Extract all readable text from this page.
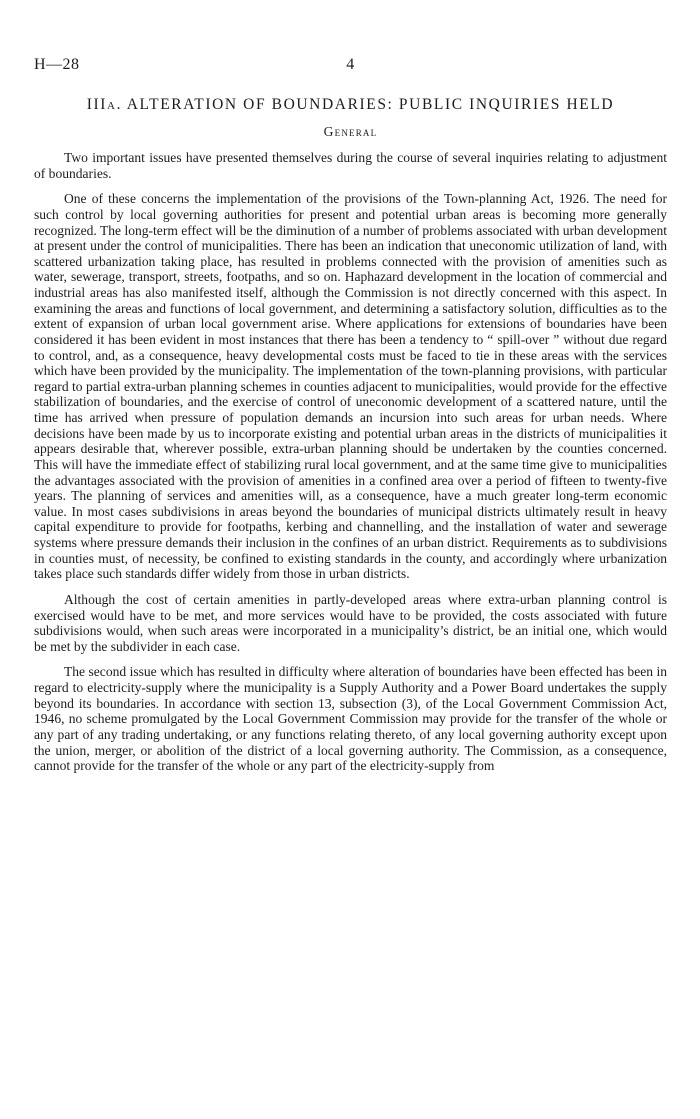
H—28	4
IIIa. ALTERATION OF BOUNDARIES: PUBLIC INQUIRIES HELD
General

Two important issues have presented themselves during the course of several inquiries relating to adjustment of boundaries.

One of these concerns the implementation of the provisions of the Town-planning Act, 1926. The need for such control by local governing authorities for present and potential urban areas is becoming more generally recognized. The long-term effect will be the diminution of a number of problems associated with urban development at present under the control of municipalities. There has been an indication that uneconomic utilization of land, with scattered urbanization taking place, has resulted in problems connected with the provision of amenities such as water, sewerage, transport, streets, footpaths, and so on. Haphazard development in the location of commercial and industrial areas has also manifested itself, although the Commission is not directly concerned with this aspect. In examining the areas and functions of local government, and determining a satisfactory solution, difficulties as to the extent of expansion of urban local government arise. Where applications for extensions of boundaries have been considered it has been evident in most instances that there has been a tendency to “ spill-over ” without due regard to control, and, as a consequence, heavy developmental costs must be faced to tie in these areas with the services which have been provided by the municipality. The implementation of the town-planning provisions, with particular regard to partial extra-urban planning schemes in counties adjacent to municipalities, would provide for the effective stabilization of boundaries, and the exercise of control of uneconomic development of a scattered nature, until the time has arrived when pressure of population demands an incursion into such areas for urban needs. Where decisions have been made by us to incorporate existing and potential urban areas in the districts of municipalities it appears desirable that, wherever possible, extra-urban planning should be undertaken by the counties concerned. This will have the immediate effect of stabilizing rural local government, and at the same time give to municipalities the advantages associated with the provision of amenities in a confined area over a period of fifteen to twenty-five years. The planning of services and amenities will, as a consequence, have a much greater long-term economic value. In most cases subdivisions in areas beyond the boundaries of municipal districts ultimately result in heavy capital expenditure to provide for footpaths, kerbing and channelling, and the installation of water and sewerage systems where pressure demands their inclusion in the confines of an urban district. Requirements as to subdivisions in counties must, of necessity, be confined to existing standards in the county, and accordingly where urbanization takes place such standards differ widely from those in urban districts.

Although the cost of certain amenities in partly-developed areas where extra-urban planning control is exercised would have to be met, and more services would have to be provided, the costs associated with future subdivisions would, when such areas were incorporated in a municipality’s district, be an initial one, which would be met by the subdivider in each case.

The second issue which has resulted in difficulty where alteration of boundaries have been effected has been in regard to electricity-supply where the municipality is a Supply Authority and a Power Board undertakes the supply beyond its boundaries. In accordance with section 13, subsection (3), of the Local Government Commission Act, 1946, no scheme promulgated by the Local Government Commission may provide for the transfer of the whole or any part of any trading undertaking, or any functions relating thereto, of any local governing authority except upon the union, merger, or abolition of the district of a local governing authority. The Commission, as a consequence, cannot provide for the transfer of the whole or any part of the electricity-supply from
